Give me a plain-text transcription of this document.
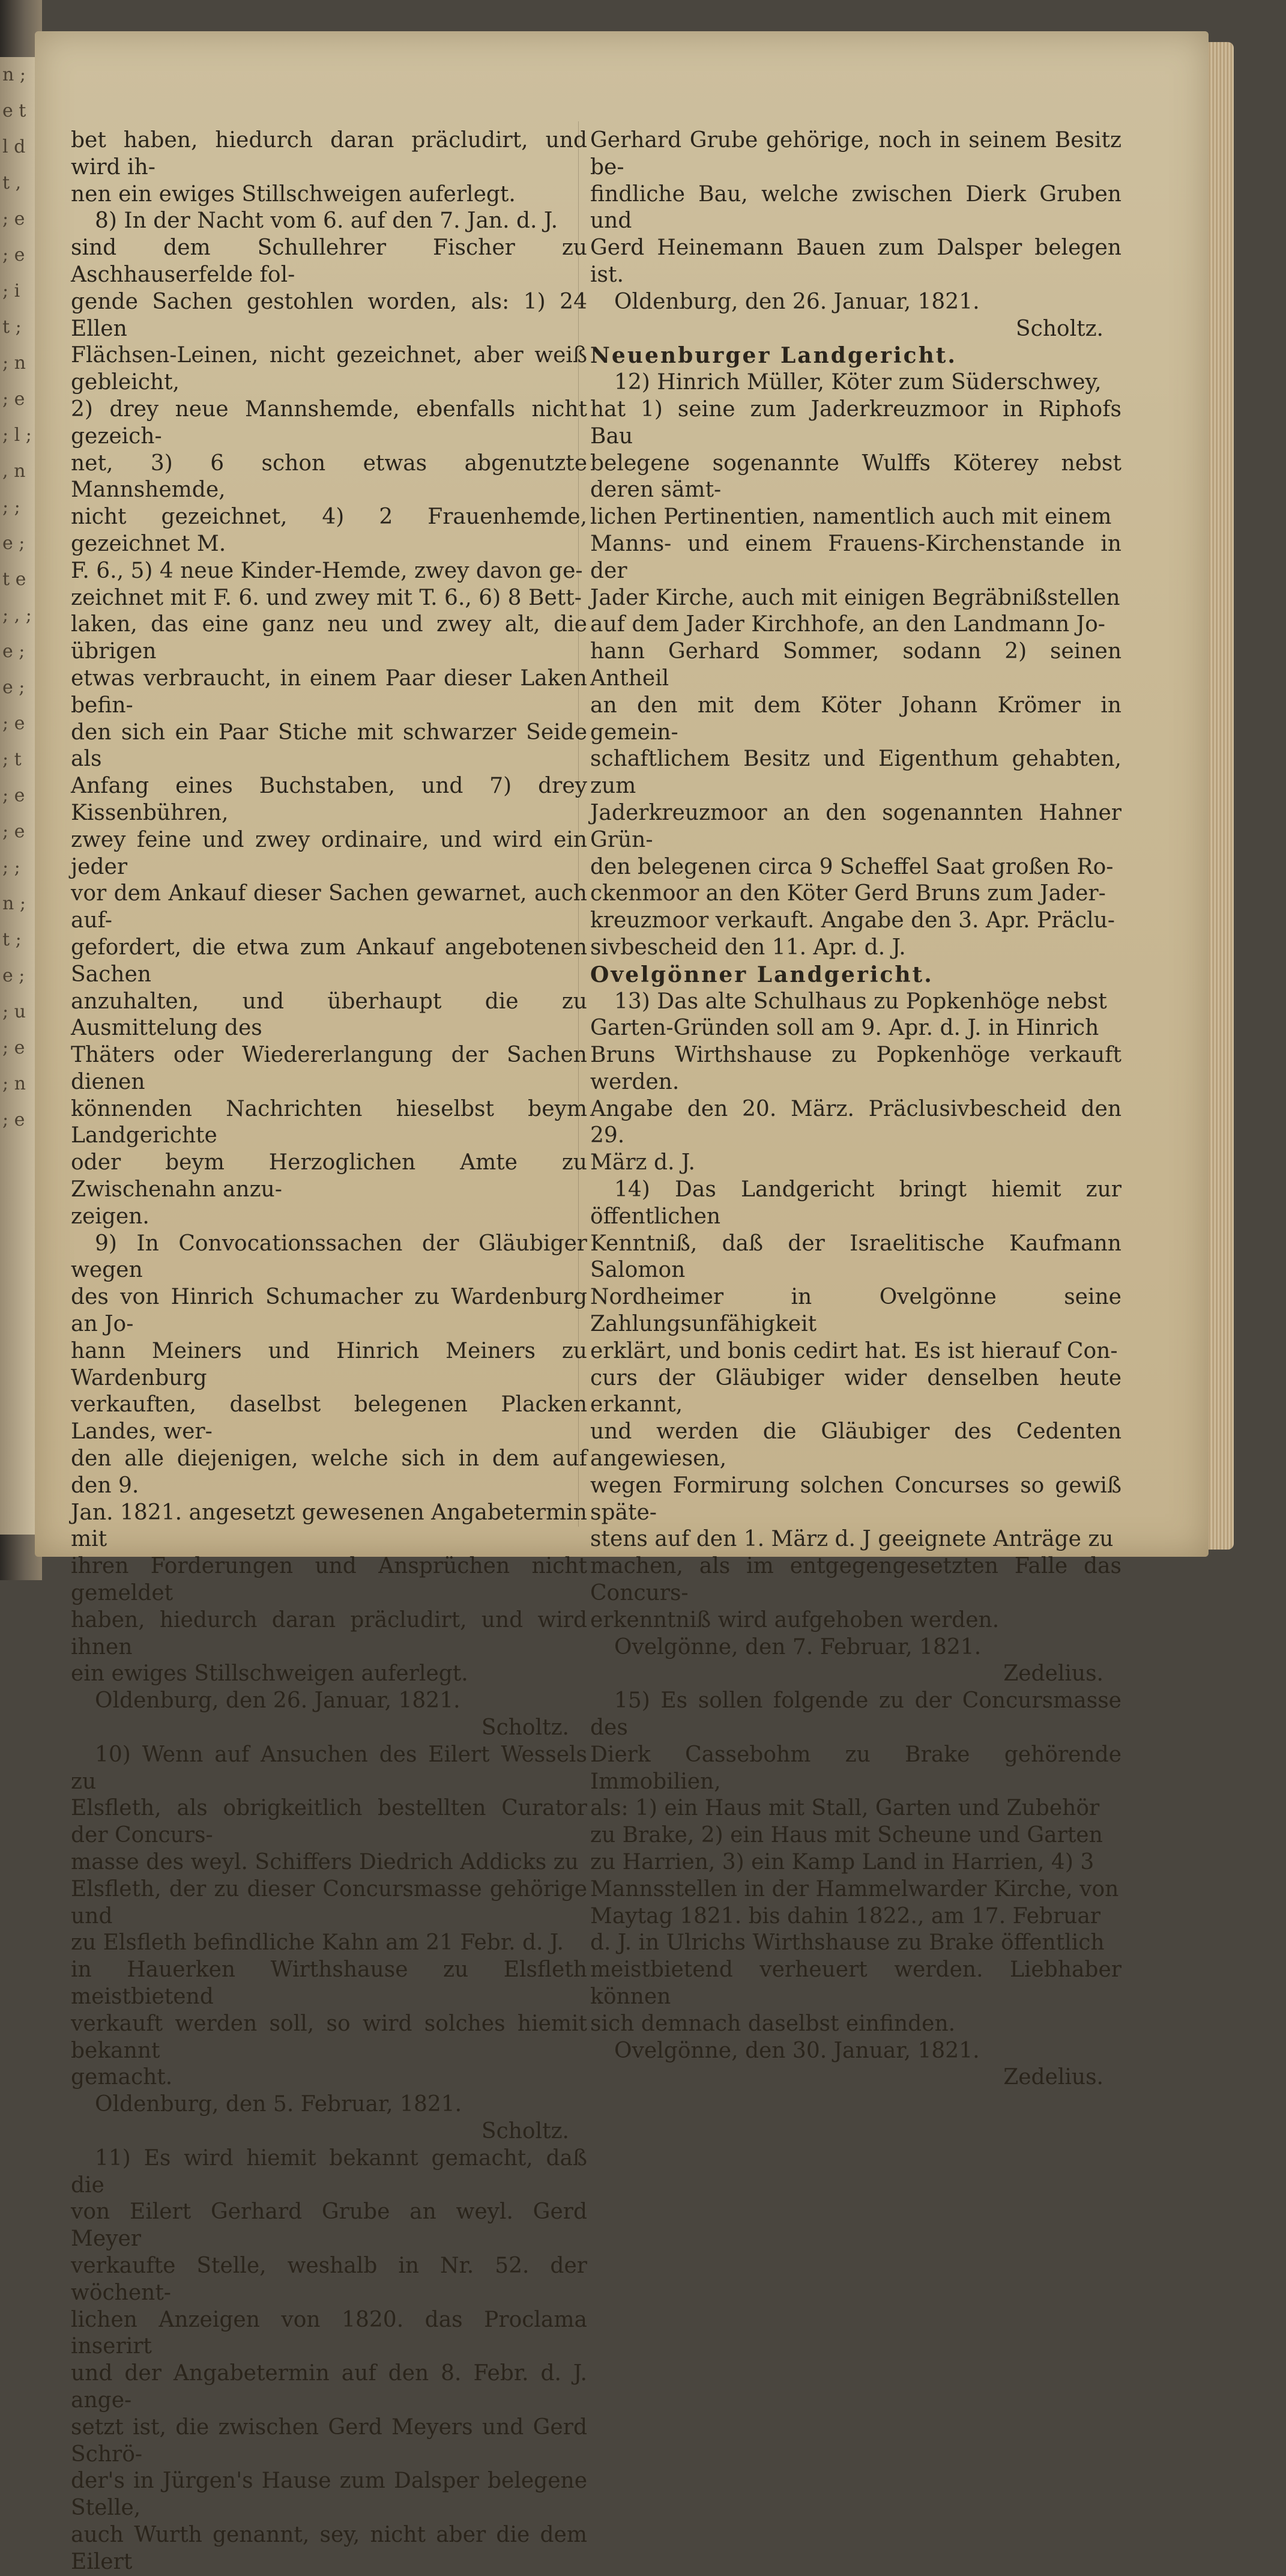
n ; e t l d t , ; e ; e ; i t ; ; n ; e ; l ; , n ; ; e ; t e ; , ; e ; e ; ; e ; t ; e ; e ; ; n ; t ; e ; ; u ; e ; n ; e

bet haben, hiedurch daran präcludirt, und wird ih-
nen ein ewiges Stillschweigen auferlegt.

8) In der Nacht vom 6. auf den 7. Jan. d. J.
sind dem Schullehrer Fischer zu Aschhauserfelde fol-
gende Sachen gestohlen worden, als: 1) 24 Ellen
Flächsen-Leinen, nicht gezeichnet, aber weiß gebleicht,
2) drey neue Mannshemde, ebenfalls nicht gezeich-
net, 3) 6 schon etwas abgenutzte Mannshemde,
nicht gezeichnet, 4) 2 Frauenhemde, gezeichnet M.
F. 6., 5) 4 neue Kinder-Hemde, zwey davon ge-
zeichnet mit F. 6. und zwey mit T. 6., 6) 8 Bett-
laken, das eine ganz neu und zwey alt, die übrigen
etwas verbraucht, in einem Paar dieser Laken befin-
den sich ein Paar Stiche mit schwarzer Seide als
Anfang eines Buchstaben, und 7) drey Kissenbühren,
zwey feine und zwey ordinaire, und wird ein jeder
vor dem Ankauf dieser Sachen gewarnet, auch auf-
gefordert, die etwa zum Ankauf angebotenen Sachen
anzuhalten, und überhaupt die zu Ausmittelung des
Thäters oder Wiedererlangung der Sachen dienen
könnenden Nachrichten hieselbst beym Landgerichte
oder beym Herzoglichen Amte zu Zwischenahn anzu-
zeigen.

9) In Convocationssachen der Gläubiger wegen
des von Hinrich Schumacher zu Wardenburg an Jo-
hann Meiners und Hinrich Meiners zu Wardenburg
verkauften, daselbst belegenen Placken Landes, wer-
den alle diejenigen, welche sich in dem auf den 9.
Jan. 1821. angesetzt gewesenen Angabetermin mit
ihren Forderungen und Ansprüchen nicht gemeldet
haben, hiedurch daran präcludirt, und wird ihnen
ein ewiges Stillschweigen auferlegt.

Oldenburg, den 26. Januar, 1821.

Scholtz.

10) Wenn auf Ansuchen des Eilert Wessels zu
Elsfleth, als obrigkeitlich bestellten Curator der Concurs-
masse des weyl. Schiffers Diedrich Addicks zu
Elsfleth, der zu dieser Concursmasse gehörige und
zu Elsfleth befindliche Kahn am 21 Febr. d. J.
in Hauerken Wirthshause zu Elsfleth meistbietend
verkauft werden soll, so wird solches hiemit bekannt
gemacht.

Oldenburg, den 5. Februar, 1821.

Scholtz.

11) Es wird hiemit bekannt gemacht, daß die
von Eilert Gerhard Grube an weyl. Gerd Meyer
verkaufte Stelle, weshalb in Nr. 52. der wöchent-
lichen Anzeigen von 1820. das Proclama inserirt
und der Angabetermin auf den 8. Febr. d. J. ange-
setzt ist, die zwischen Gerd Meyers und Gerd Schrö-
der's in Jürgen's Hause zum Dalsper belegene Stelle,
auch Wurth genannt, sey, nicht aber die dem Eilert

Gerhard Grube gehörige, noch in seinem Besitz be-
findliche Bau, welche zwischen Dierk Gruben und
Gerd Heinemann Bauen zum Dalsper belegen ist.

Oldenburg, den 26. Januar, 1821.

Scholtz.

Neuenburger Landgericht.

12) Hinrich Müller, Köter zum Süderschwey,
hat 1) seine zum Jaderkreuzmoor in Riphofs Bau
belegene sogenannte Wulffs Köterey nebst deren sämt-
lichen Pertinentien, namentlich auch mit einem
Manns- und einem Frauens-Kirchenstande in der
Jader Kirche, auch mit einigen Begräbnißstellen
auf dem Jader Kirchhofe, an den Landmann Jo-
hann Gerhard Sommer, sodann 2) seinen Antheil
an den mit dem Köter Johann Krömer in gemein-
schaftlichem Besitz und Eigenthum gehabten, zum
Jaderkreuzmoor an den sogenannten Hahner Grün-
den belegenen circa 9 Scheffel Saat großen Ro-
ckenmoor an den Köter Gerd Bruns zum Jader-
kreuzmoor verkauft. Angabe den 3. Apr. Präclu-
sivbescheid den 11. Apr. d. J.

Ovelgönner Landgericht.

13) Das alte Schulhaus zu Popkenhöge nebst
Garten-Gründen soll am 9. Apr. d. J. in Hinrich
Bruns Wirthshause zu Popkenhöge verkauft werden.
Angabe den 20. März. Präclusivbescheid den 29.
März d. J.

14) Das Landgericht bringt hiemit zur öffentlichen
Kenntniß, daß der Israelitische Kaufmann Salomon
Nordheimer in Ovelgönne seine Zahlungsunfähigkeit
erklärt, und bonis cedirt hat. Es ist hierauf Con-
curs der Gläubiger wider denselben heute erkannt,
und werden die Gläubiger des Cedenten angewiesen,
wegen Formirung solchen Concurses so gewiß späte-
stens auf den 1. März d. J geeignete Anträge zu
machen, als im entgegengesetzten Falle das Concurs-
erkenntniß wird aufgehoben werden.

Ovelgönne, den 7. Februar, 1821.

Zedelius.

15) Es sollen folgende zu der Concursmasse des
Dierk Cassebohm zu Brake gehörende Immobilien,
als: 1) ein Haus mit Stall, Garten und Zubehör
zu Brake, 2) ein Haus mit Scheune und Garten
zu Harrien, 3) ein Kamp Land in Harrien, 4) 3
Mannsstellen in der Hammelwarder Kirche, von
Maytag 1821. bis dahin 1822., am 17. Februar
d. J. in Ulrichs Wirthshause zu Brake öffentlich
meistbietend verheuert werden. Liebhaber können
sich demnach daselbst einfinden.

Ovelgönne, den 30. Januar, 1821.

Zedelius.
